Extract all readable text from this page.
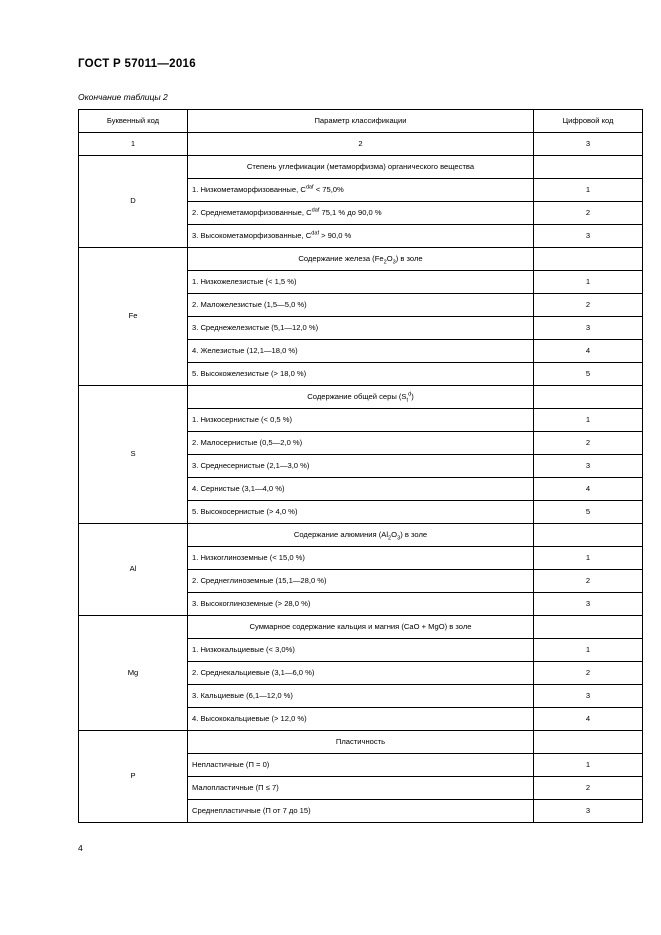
ГОСТ Р 57011—2016
Окончание таблицы 2
Буквенный код	Параметр классификации	Цифровой код
1	2	3
D	Степень углефикации (метаморфизма) органического вещества	
	1. Низкометаморфизованные, $C^{daf} < 75,0\%$	1
	2. Среднеметаморфизованные, $C^{daf}$ 75,1 % до 90,0 %	2
	3. Высокометаморфизованные, $C^{daf} > 90,0$ %	3
Fe	Содержание железа $(Fe_2O_3)$ в золе	
	1. Низкожелезистые (< 1,5 %)	1
	2. Маложелезистые (1,5—5,0 %)	2
	3. Среднежелезистые (5,1—12,0 %)	3
	4. Железистые (12,1—18,0 %)	4
	5. Высокожелезистые (> 18,0 %)	5
S	Содержание общей серы $(S_t^d)$	
	1. Низкосернистые (< 0,5 %)	1
	2. Малосернистые (0,5—2,0 %)	2
	3. Среднесернистые (2,1—3,0 %)	3
	4. Сернистые (3,1—4,0 %)	4
	5. Высокосернистые (> 4,0 %)	5
Al	Содержание алюминия $(Al_2O_3)$ в золе	
	1. Низкоглиноземные (< 15,0 %)	1
	2. Среднеглиноземные (15,1—28,0 %)	2
	3. Высокоглиноземные (> 28,0 %)	3
Mg	Суммарное содержание кальция и магния (CaO + MgO) в золе	
	1. Низкокальциевые (< 3,0%)	1
	2. Среднекальциевые (3,1—6,0 %)	2
	3. Кальциевые (6,1—12,0 %)	3
	4. Высококальциевые (> 12,0 %)	4
P	Пластичность	
	Непластичные (П = 0)	1
	Малопластичные (П ≤ 7)	2
	Среднепластичные (П от 7 до 15)	3
4
